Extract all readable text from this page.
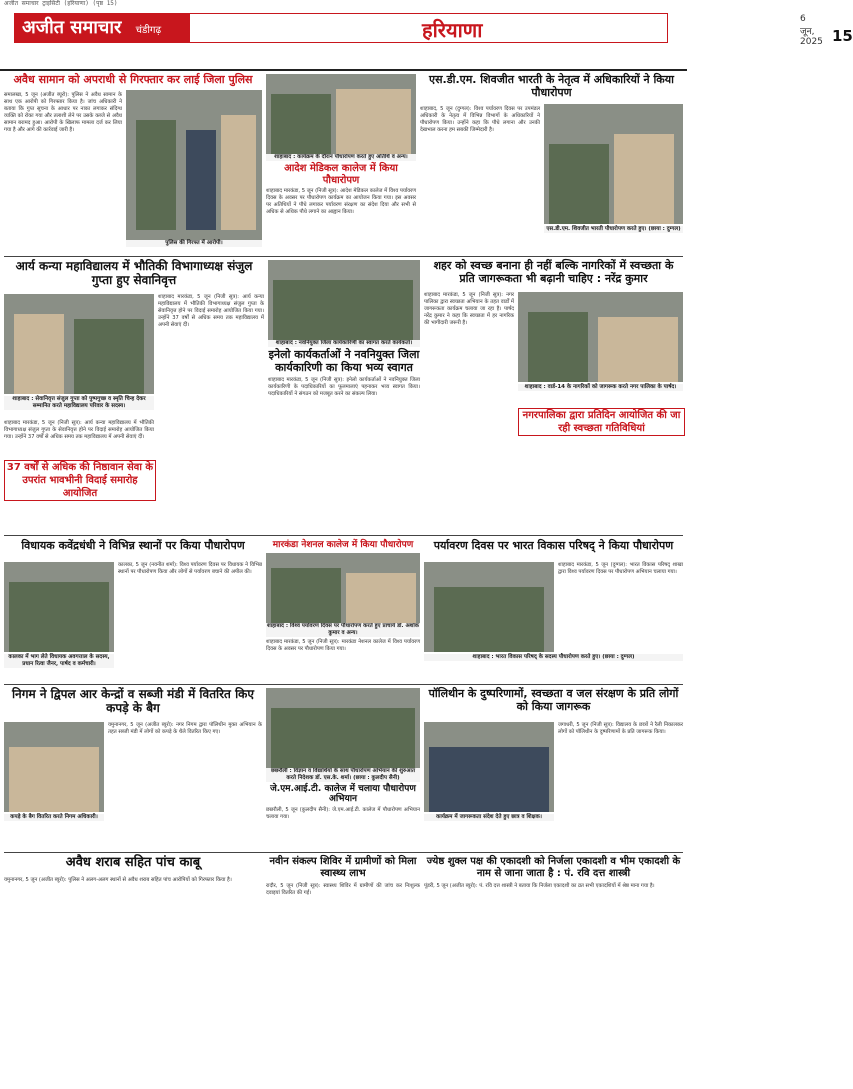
अजीत समाचार ट्राइसिटी (हरियाणा) (पृष्ठ 15)
अजीत समाचार चंडीगढ़	हरियाणा	6 जून, 2025 15
अवैध सामान को अपराधी से गिरफ्तार कर लाई जिला पुलिस
समालखा, 5 जून (अजीत ब्यूरो): पुलिस ने अवैध सामान के साथ एक आरोपी को गिरफ्तार किया है। जांच अधिकारी ने बताया कि गुप्त सूचना के आधार पर नाका लगाकर संदिग्ध व्यक्ति को रोका गया और तलाशी लेने पर उसके कब्जे से अवैध सामान बरामद हुआ। आरोपी के खिलाफ मामला दर्ज कर लिया गया है और आगे की कार्रवाई जारी है।
पुलिस की गिरफ्त में आरोपी।
शाहाबाद : कार्यक्रम के दौरान पौधारोपण करते हुए अतिथि व अन्य।
आदेश मेडिकल कालेज में किया पौधारोपण
शाहाबाद मारकंडा, 5 जून (निजी सूत्र): आदेश मेडिकल कालेज में विश्व पर्यावरण दिवस के अवसर पर पौधारोपण कार्यक्रम का आयोजन किया गया। इस अवसर पर अतिथियों ने पौधे लगाकर पर्यावरण संरक्षण का संदेश दिया और सभी से अधिक से अधिक पौधे लगाने का आह्वान किया।
एस.डी.एम. शिवजीत भारती के नेतृत्व में अधिकारियों ने किया पौधारोपण
शाहाबाद, 5 जून (दुग्गल): विश्व पर्यावरण दिवस पर उपमंडल अधिकारी के नेतृत्व में विभिन्न विभागों के अधिकारियों ने पौधारोपण किया। उन्होंने कहा कि पौधे लगाना और उनकी देखभाल करना हम सबकी जिम्मेदारी है।
एस.डी.एम. शिवजीत भारती पौधारोपण करते हुए। (छाया : दुग्गल)
आर्य कन्या महाविद्यालय में भौतिकी विभागाध्यक्ष संजुल गुप्ता हुए सेवानिवृत्त
शाहाबाद : सेवानिवृत्त संजुल गुप्ता को पुष्पगुच्छ व स्मृति चिन्ह देकर सम्मानित करते महाविद्यालय परिवार के सदस्य।
शाहाबाद मारकंडा, 5 जून (निजी सूत्र): आर्य कन्या महाविद्यालय में भौतिकी विभागाध्यक्ष संजुल गुप्ता के सेवानिवृत्त होने पर विदाई समारोह आयोजित किया गया। उन्होंने 37 वर्षों से अधिक समय तक महाविद्यालय में अपनी सेवाएं दीं।
37 वर्षों से अधिक की निष्ठावान सेवा के उपरांत भावभीनी विदाई समारोह आयोजित
शाहाबाद मारकंडा, 5 जून (निजी सूत्र): आर्य कन्या महाविद्यालय में भौतिकी विभागाध्यक्ष संजुल गुप्ता के सेवानिवृत्त होने पर विदाई समारोह आयोजित किया गया। उन्होंने 37 वर्षों से अधिक समय तक महाविद्यालय में अपनी सेवाएं दीं।
शाहाबाद : नवनियुक्त जिला कार्यकारिणी का स्वागत करते कार्यकर्ता।
इनेलो कार्यकर्ताओं ने नवनियुक्त जिला कार्यकारिणी का किया भव्य स्वागत
शाहाबाद मारकंडा, 5 जून (निजी सूत्र): इनेलो कार्यकर्ताओं ने नवनियुक्त जिला कार्यकारिणी के पदाधिकारियों का फूलमालाएं पहनाकर भव्य स्वागत किया। पदाधिकारियों ने संगठन को मजबूत करने का संकल्प लिया।
शहर को स्वच्छ बनाना ही नहीं बल्कि नागरिकों में स्वच्छता के प्रति जागरूकता भी बढ़ानी चाहिए : नरेंद्र कुमार
शाहाबाद मारकंडा, 5 जून (निजी सूत्र): नगर पालिका द्वारा स्वच्छता अभियान के तहत वार्डों में जागरूकता कार्यक्रम चलाया जा रहा है। पार्षद नरेंद्र कुमार ने कहा कि स्वच्छता में हर नागरिक की भागीदारी जरूरी है।
शाहाबाद : वार्ड-14 के नागरिकों को जागरूक करते नगर पालिका के पार्षद।
नगरपालिका द्वारा प्रतिदिन आयोजित की जा रही स्वच्छता गतिविधियां
विधायक कवेंद्रधंधी ने विभिन्न स्थानों पर किया पौधारोपण
कालका में भाग लेते विधायक अवगत्ताल के सदस्य, प्रधान रित्वा जैनर, पार्षद व कर्मचारी।
कालका, 5 जून (नवनीत शर्मा): विश्व पर्यावरण दिवस पर विधायक ने विभिन्न स्थानों पर पौधारोपण किया और लोगों से पर्यावरण बचाने की अपील की।
मारकंडा नेशनल कालेज में किया पौधारोपण
शाहाबाद : विश्व पर्यावरण दिवस पर पौधारोपण करते हुए प्राचार्य डॉ. अशोक कुमार व अन्य।
शाहाबाद मारकंडा, 5 जून (निजी सूत्र): मारकंडा नेशनल कालेज में विश्व पर्यावरण दिवस के अवसर पर पौधारोपण किया गया।
पर्यावरण दिवस पर भारत विकास परिषद् ने किया पौधारोपण
शाहाबाद मारकंडा, 5 जून (दुग्गल): भारत विकास परिषद् शाखा द्वारा विश्व पर्यावरण दिवस पर पौधारोपण अभियान चलाया गया।
शाहाबाद : भारत विकास परिषद् के सदस्य पौधारोपण करते हुए। (छाया : दुग्गल)
निगम ने द्विपल आर केन्द्रों व सब्जी मंडी में वितरित किए कपड़े के बैग
कपड़े के बैग वितरित करते निगम अधिकारी।
यमुनानगर, 5 जून (अजीत ब्यूरो): नगर निगम द्वारा पॉलिथीन मुक्त अभियान के तहत सब्जी मंडी में लोगों को कपड़े के थैले वितरित किए गए।
छछरौली : विज्ञान व विद्यार्थियों के साथ पौधारोपण अभियान की शुरुआत करते निदेशक डॉ. एस.के. शर्मा। (छाया : कुलदीप सैनी)
जे.एम.आई.टी. कालेज में चलाया पौधारोपण अभियान
छछरौली, 5 जून (कुलदीप सैनी): जे.एम.आई.टी. कालेज में पौधारोपण अभियान चलाया गया।
पॉलिथीन के दुष्परिणामों, स्वच्छता व जल संरक्षण के प्रति लोगों को किया जागरूक
कार्यक्रम में जागरूकता संदेश देते हुए छात्र व शिक्षक।
जगाधरी, 5 जून (निजी सूत्र): विद्यालय के छात्रों ने रैली निकालकर लोगों को पॉलिथीन के दुष्परिणामों के प्रति जागरूक किया।
अवैध शराब सहित पांच काबू
यमुनानगर, 5 जून (अजीत ब्यूरो): पुलिस ने अलग-अलग स्थानों से अवैध शराब सहित पांच आरोपियों को गिरफ्तार किया है।
नवीन संकल्प शिविर में ग्रामीणों को मिला स्वास्थ्य लाभ
रादौर, 5 जून (निजी सूत्र): स्वास्थ्य शिविर में ग्रामीणों की जांच कर निःशुल्क दवाइयां वितरित की गईं।
ज्येष्ठ शुक्ल पक्ष की एकादशी को निर्जला एकादशी व भीम एकादशी के नाम से जाना जाता है : पं. रवि दत्त शास्त्री
पूंडरी, 5 जून (अजीत ब्यूरो): पं. रवि दत्त शास्त्री ने बताया कि निर्जला एकादशी का व्रत सभी एकादशियों में श्रेष्ठ माना गया है।
